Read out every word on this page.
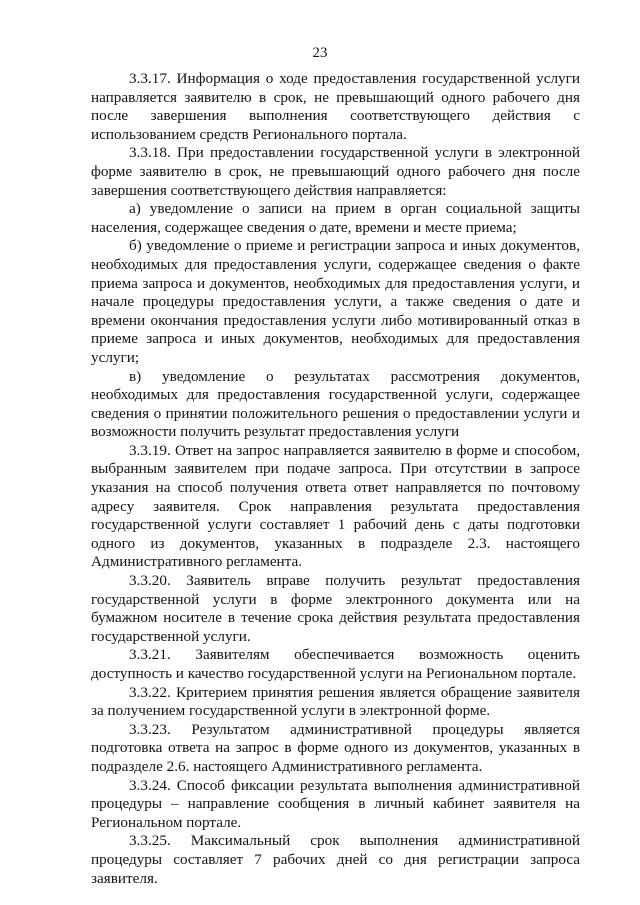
23

3.3.17. Информация о ходе предоставления государственной услуги направляется заявителю в срок, не превышающий одного рабочего дня после завершения выполнения соответствующего действия с использованием средств Регионального портала.

3.3.18. При предоставлении государственной услуги в электронной форме заявителю в срок, не превышающий одного рабочего дня после завершения соответствующего действия направляется:

а) уведомление о записи на прием в орган социальной защиты населения, содержащее сведения о дате, времени и месте приема;

б) уведомление о приеме и регистрации запроса и иных документов, необходимых для предоставления услуги, содержащее сведения о факте приема запроса и документов, необходимых для предоставления услуги, и начале процедуры предоставления услуги, а также сведения о дате и времени окончания предоставления услуги либо мотивированный отказ в приеме запроса и иных документов, необходимых для предоставления услуги;

в) уведомление о результатах рассмотрения документов, необходимых для предоставления государственной услуги, содержащее сведения о принятии положительного решения о предоставлении услуги и возможности получить результат предоставления услуги

3.3.19. Ответ на запрос направляется заявителю в форме и способом, выбранным заявителем при подаче запроса. При отсутствии в запросе указания на способ получения ответа ответ направляется по почтовому адресу заявителя. Срок направления результата предоставления государственной услуги составляет 1 рабочий день с даты подготовки одного из документов, указанных в подразделе 2.3. настоящего Административного регламента.

3.3.20. Заявитель вправе получить результат предоставления государственной услуги в форме электронного документа или на бумажном носителе в течение срока действия результата предоставления государственной услуги.

3.3.21. Заявителям обеспечивается возможность оценить доступность и качество государственной услуги на Региональном портале.

3.3.22. Критерием принятия решения является обращение заявителя за получением государственной услуги в электронной форме.

3.3.23. Результатом административной процедуры является подготовка ответа на запрос в форме одного из документов, указанных в подразделе 2.6. настоящего Административного регламента.

3.3.24. Способ фиксации результата выполнения административной процедуры – направление сообщения в личный кабинет заявителя на Региональном портале.

3.3.25. Максимальный срок выполнения административной процедуры составляет 7 рабочих дней со дня регистрации запроса заявителя.
